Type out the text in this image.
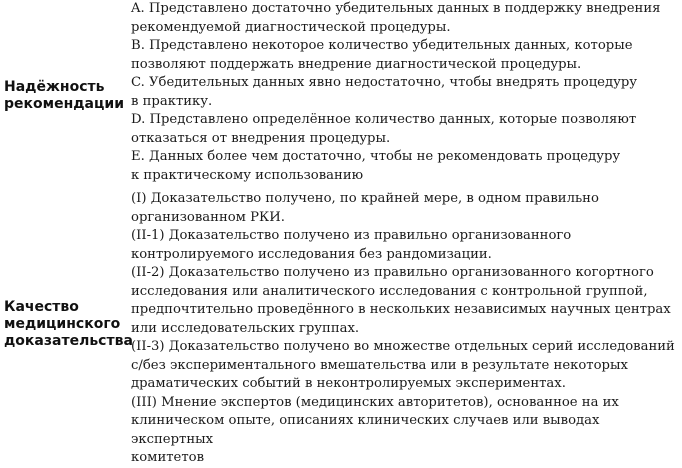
Надёжность
рекомендации
A. Представлено достаточно убедительных данных в поддержку внедрения
рекомендуемой диагностической процедуры.
B. Представлено некоторое количество убедительных данных, которые
позволяют поддержать внедрение диагностической процедуры.
C. Убедительных данных явно недостаточно, чтобы внедрять процедуру
в практику.
D. Представлено определённое количество данных, которые позволяют
отказаться от внедрения процедуры.
E. Данных более чем достаточно, чтобы не рекомендовать процедуру
к практическому использованию
Качество
медицинского
доказательства
(I) Доказательство получено, по крайней мере, в одном правильно
организованном РКИ.
(II-1) Доказательство получено из правильно организованного
контролируемого исследования без рандомизации.
(II-2) Доказательство получено из правильно организованного когортного
исследования или аналитического исследования с контрольной группой,
предпочтительно проведённого в нескольких независимых научных центрах
или исследовательских группах.
(II-3) Доказательство получено во множестве отдельных серий исследований
с/без экспериментального вмешательства или в результате некоторых
драматических событий в неконтролируемых экспериментах.
(III) Мнение экспертов (медицинских авторитетов), основанное на их
клиническом опыте, описаниях клинических случаев или выводах экспертных
комитетов
